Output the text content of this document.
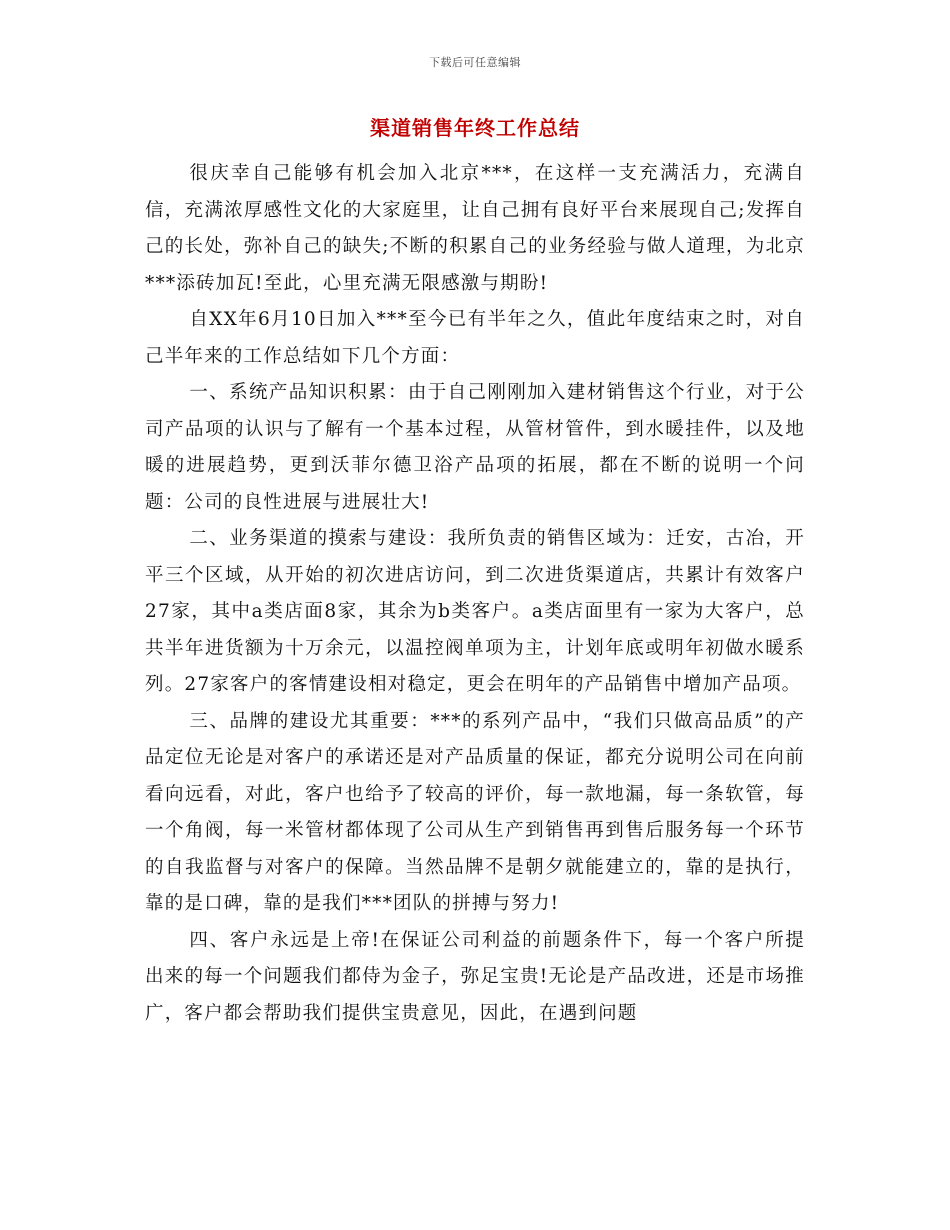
下载后可任意编辑
渠道销售年终工作总结

很庆幸自己能够有机会加入北京***，在这样一支充满活力，充满自信，充满浓厚感性文化的大家庭里，让自己拥有良好平台来展现自己;发挥自己的长处，弥补自己的缺失;不断的积累自己的业务经验与做人道理，为北京***添砖加瓦!至此，心里充满无限感激与期盼!

自XX年6月10日加入***至今已有半年之久，值此年度结束之时，对自己半年来的工作总结如下几个方面：

一、系统产品知识积累：由于自己刚刚加入建材销售这个行业，对于公司产品项的认识与了解有一个基本过程，从管材管件，到水暖挂件，以及地暖的进展趋势，更到沃菲尔德卫浴产品项的拓展，都在不断的说明一个问题：公司的良性进展与进展壮大!

二、业务渠道的摸索与建设：我所负责的销售区域为：迁安，古冶，开平三个区域，从开始的初次进店访问，到二次进货渠道店，共累计有效客户27家，其中a类店面8家，其余为b类客户。a类店面里有一家为大客户，总共半年进货额为十万余元，以温控阀单项为主，计划年底或明年初做水暖系列。27家客户的客情建设相对稳定，更会在明年的产品销售中增加产品项。

三、品牌的建设尤其重要：***的系列产品中，“我们只做高品质”的产品定位无论是对客户的承诺还是对产品质量的保证，都充分说明公司在向前看向远看，对此，客户也给予了较高的评价，每一款地漏，每一条软管，每一个角阀，每一米管材都体现了公司从生产到销售再到售后服务每一个环节的自我监督与对客户的保障。当然品牌不是朝夕就能建立的，靠的是执行，靠的是口碑，靠的是我们***团队的拼搏与努力!

四、客户永远是上帝!在保证公司利益的前题条件下，每一个客户所提出来的每一个问题我们都侍为金子，弥足宝贵!无论是产品改进，还是市场推广，客户都会帮助我们提供宝贵意见，因此，在遇到问题
